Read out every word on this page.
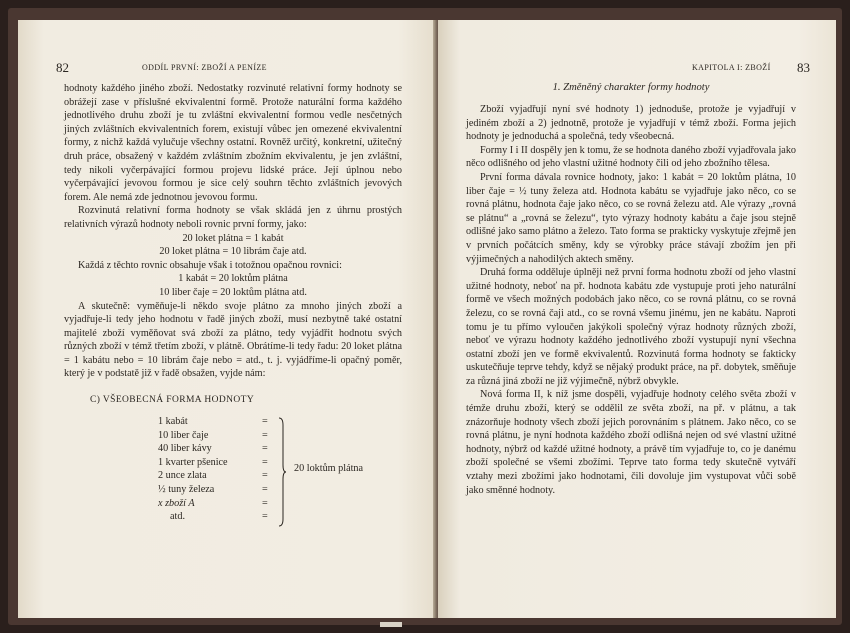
82	ODDÍL PRVNÍ: ZBOŽÍ A PENÍZE

hodnoty každého jiného zboží. Nedostatky rozvinuté relativní formy hodnoty se obrážejí zase v příslušné ekvivalentní formě. Protože naturální forma každého jednotlivého druhu zboží je tu zvláštní ekvivalentní formou vedle nesčetných jiných zvláštních ekvivalentních forem, existují vůbec jen omezené ekvivalentní formy, z nichž každá vylučuje všechny ostatní. Rovněž určitý, konkretní, užitečný druh práce, obsažený v každém zvláštním zbožním ekvivalentu, je jen zvláštní, tedy nikoli vyčerpávající formou projevu lidské práce. Její úplnou nebo vyčerpávající jevovou formou je sice celý souhrn těchto zvláštních jevových forem. Ale nemá zde jednotnou jevovou formu.

Rozvinutá relativní forma hodnoty se však skládá jen z úhrnu prostých relativních výrazů hodnoty neboli rovnic první formy, jako:

20 loket plátna = 1 kabát
20 loket plátna = 10 librám čaje atd.

Každá z těchto rovnic obsahuje však i totožnou opačnou rovnici:

1 kabát = 20 loktům plátna
10 liber čaje = 20 loktům plátna atd.

A skutečně: vyměňuje-li někdo svoje plátno za mnoho jiných zboží a vyjadřuje-li tedy jeho hodnotu v řadě jiných zboží, musí nezbytně také ostatní majitelé zboží vyměňovat svá zboží za plátno, tedy vyjádřit hodnotu svých různých zboží v témž třetím zboží, v plátně. Obrátíme-li tedy řadu: 20 loket plátna = 1 kabátu nebo = 10 librám čaje nebo = atd., t. j. vyjádříme-li opačný poměr, který je v podstatě již v řadě obsažen, vyjde nám:

C) VŠEOBECNÁ FORMA HODNOTY
1 kabát
10 liber čaje
40 liber kávy
1 kvarter pšenice
2 unce zlata
½ tuny železa
x zboží A
atd.
=
=
=
=
=
=
=
=
20 loktům plátna
KAPITOLA I: ZBOŽÍ 83
1. Změněný charakter formy hodnoty

Zboží vyjadřují nyní své hodnoty 1) jednoduše, protože je vyjadřují v jediném zboží a 2) jednotně, protože je vyjadřují v témž zboží. Forma jejich hodnoty je jednoduchá a společná, tedy všeobecná.

Formy I i II dospěly jen k tomu, že se hodnota daného zboží vyjadřovala jako něco odlišného od jeho vlastní užitné hodnoty čili od jeho zbožního tělesa.

První forma dávala rovnice hodnoty, jako: 1 kabát = 20 loktům plátna, 10 liber čaje = ½ tuny železa atd. Hodnota kabátu se vyjadřuje jako něco, co se rovná plátnu, hodnota čaje jako něco, co se rovná železu atd. Ale výrazy „rovná se plátnu“ a „rovná se železu“, tyto výrazy hodnoty kabátu a čaje jsou stejně odlišné jako samo plátno a železo. Tato forma se prakticky vyskytuje zřejmě jen v prvních počátcích směny, kdy se výrobky práce stávají zbožím jen při výjimečných a nahodilých aktech směny.

Druhá forma odděluje úplněji než první forma hodnotu zboží od jeho vlastní užitné hodnoty, neboť na př. hodnota kabátu zde vystupuje proti jeho naturální formě ve všech možných podobách jako něco, co se rovná plátnu, co se rovná železu, co se rovná čaji atd., co se rovná všemu jinému, jen ne kabátu. Naproti tomu je tu přímo vyloučen jakýkoli společný výraz hodnoty různých zboží, neboť ve výrazu hodnoty každého jednotlivého zboží vystupují nyní všechna ostatní zboží jen ve formě ekvivalentů. Rozvinutá forma hodnoty se fakticky uskutečňuje teprve tehdy, když se nějaký produkt práce, na př. dobytek, směňuje za různá jiná zboží ne již výjimečně, nýbrž obvykle.

Nová forma II, k níž jsme dospěli, vyjadřuje hodnoty celého světa zboží v témže druhu zboží, který se oddělil ze světa zboží, na př. v plátnu, a tak znázorňuje hodnoty všech zboží jejich porovnáním s plátnem. Jako něco, co se rovná plátnu, je nyní hodnota každého zboží odlišná nejen od své vlastní užitné hodnoty, nýbrž od každé užitné hodnoty, a právě tím vyjadřuje to, co je danému zboží společné se všemi zbožími. Teprve tato forma tedy skutečně vytváří vztahy mezi zbožími jako hodnotami, čili dovoluje jim vystupovat vůči sobě jako směnné hodnoty.
